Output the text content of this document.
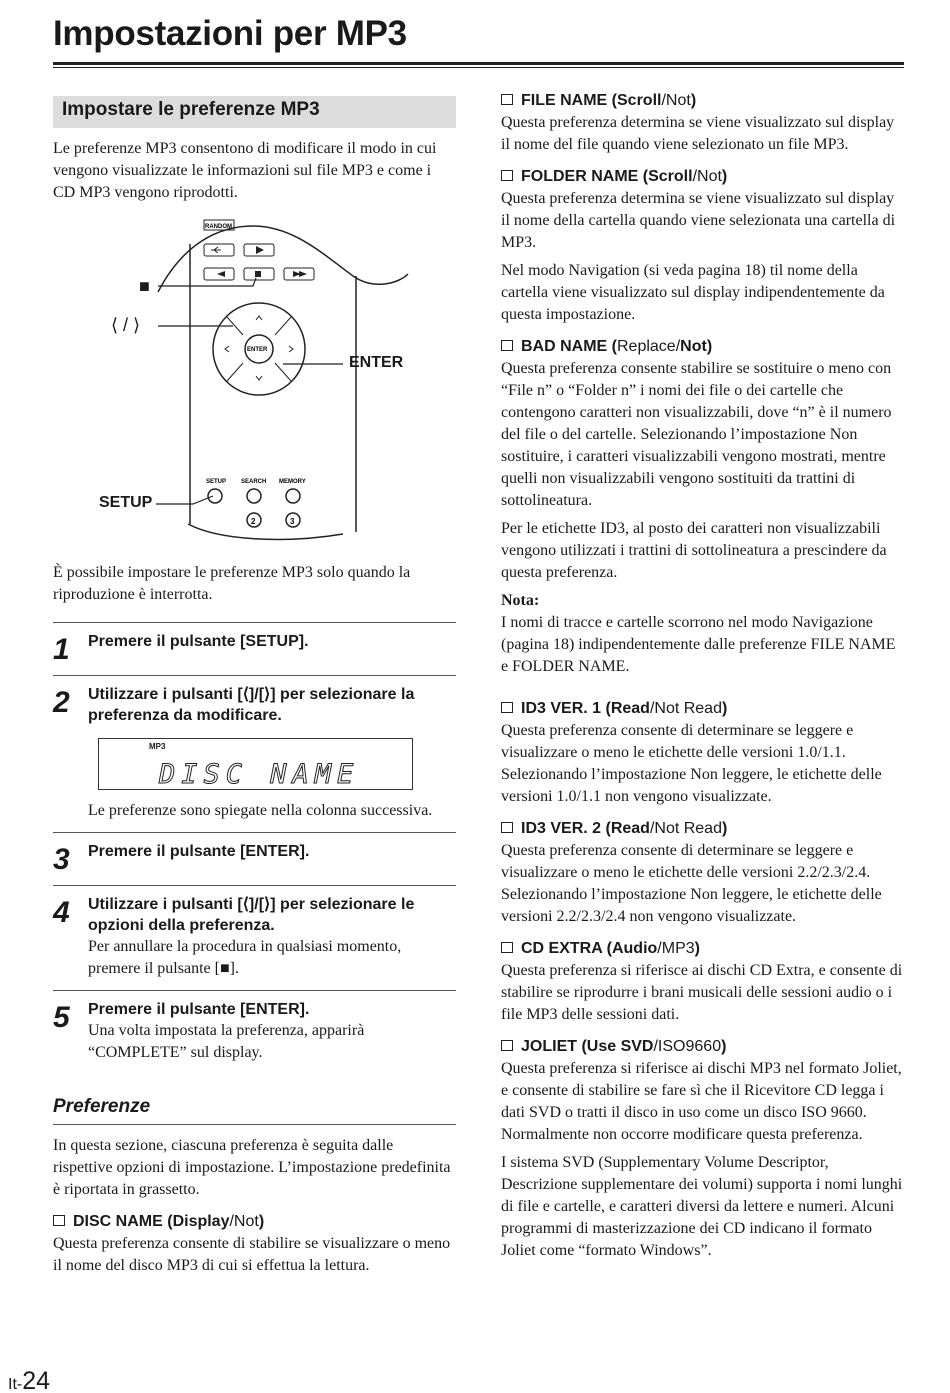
Impostazioni per MP3
Impostare le preferenze MP3

Le preferenze MP3 consentono di modificare il modo in cui vengono visualizzate le informazioni sul file MP3 e come i CD MP3 vengono riprodotti.

RANDOM
ENTER
SETUP SEARCH MEMORY
2	3
■
⟨ / ⟩
ENTER
SETUP

È possibile impostare le preferenze MP3 solo quando la riproduzione è interrotta.

1	Premere il pulsante [SETUP].
2	Utilizzare i pulsanti [⟨]/[⟩] per selezionare la preferenza da modificare.
MP3
DISC NAME
Le preferenze sono spiegate nella colonna successiva.
3	Premere il pulsante [ENTER].
4	Utilizzare i pulsanti [⟨]/[⟩] per selezionare le opzioni della preferenza.
Per annullare la procedura in qualsiasi momento, premere il pulsante [■].
5	Premere il pulsante [ENTER].
Una volta impostata la preferenza, apparirà “COMPLETE” sul display.
Preferenze

In questa sezione, ciascuna preferenza è seguita dalle rispettive opzioni di impostazione. L’impostazione predefinita è riportata in grassetto.

DISC NAME (Display/Not)

Questa preferenza consente di stabilire se visualizzare o meno il nome del disco MP3 di cui si effettua la lettura.

FILE NAME (Scroll/Not)

Questa preferenza determina se viene visualizzato sul display il nome del file quando viene selezionato un file MP3.

FOLDER NAME (Scroll/Not)

Questa preferenza determina se viene visualizzato sul display il nome della cartella quando viene selezionata una cartella di MP3.

Nel modo Navigation (si veda pagina 18) til nome della cartella viene visualizzato sul display indipendentemente da questa impostazione.

BAD NAME (Replace/Not)

Questa preferenza consente stabilire se sostituire o meno con “File n” o “Folder n” i nomi dei file o dei cartelle che contengono caratteri non visualizzabili, dove “n” è il numero del file o del cartelle. Selezionando l’impostazione Non sostituire, i caratteri visualizzabili vengono mostrati, mentre quelli non visualizzabili vengono sostituiti da trattini di sottolineatura.

Per le etichette ID3, al posto dei caratteri non visualizzabili vengono utilizzati i trattini di sottolineatura a prescindere da questa preferenza.

Nota:

I nomi di tracce e cartelle scorrono nel modo Navigazione (pagina 18) indipendentemente dalle preferenze FILE NAME e FOLDER NAME.

ID3 VER. 1 (Read/Not Read)

Questa preferenza consente di determinare se leggere e visualizzare o meno le etichette delle versioni 1.0/1.1. Selezionando l’impostazione Non leggere, le etichette delle versioni 1.0/1.1 non vengono visualizzate.

ID3 VER. 2 (Read/Not Read)

Questa preferenza consente di determinare se leggere e visualizzare o meno le etichette delle versioni 2.2/2.3/2.4. Selezionando l’impostazione Non leggere, le etichette delle versioni 2.2/2.3/2.4 non vengono visualizzate.

CD EXTRA (Audio/MP3)

Questa preferenza si riferisce ai dischi CD Extra, e consente di stabilire se riprodurre i brani musicali delle sessioni audio o i file MP3 delle sessioni dati.

JOLIET (Use SVD/ISO9660)

Questa preferenza si riferisce ai dischi MP3 nel formato Joliet, e consente di stabilire se fare sì che il Ricevitore CD legga i dati SVD o tratti il disco in uso come un disco ISO 9660. Normalmente non occorre modificare questa preferenza.

I sistema SVD (Supplementary Volume Descriptor, Descrizione supplementare dei volumi) supporta i nomi lunghi di file e cartelle, e caratteri diversi da lettere e numeri. Alcuni programmi di masterizzazione dei CD indicano il formato Joliet come “formato Windows”.

It-24
